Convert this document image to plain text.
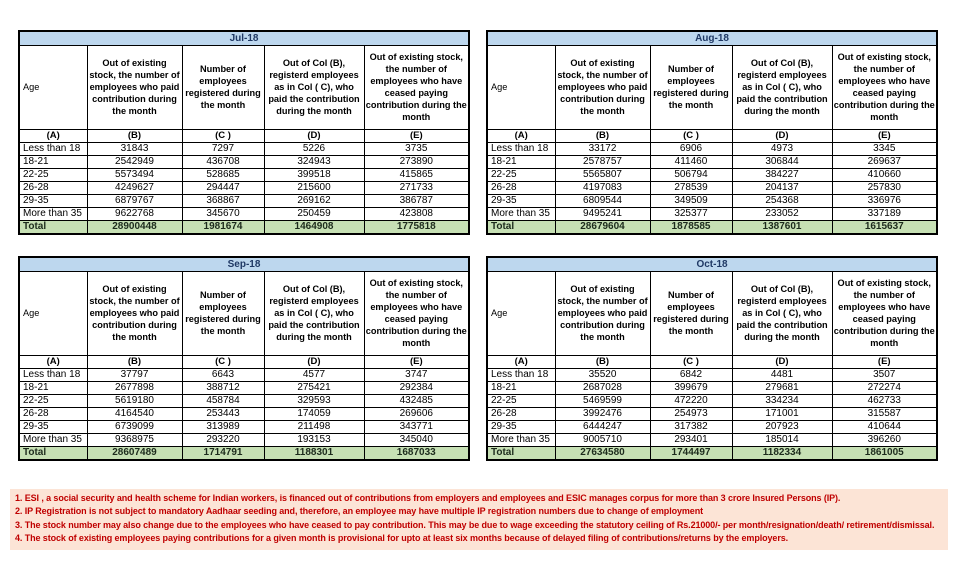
Jul-18				
Age	Out of existing stock, the number of employees who paid contribution during the month	Number of employees registered during the month	Out of Col (B), registerd employees as in Col ( C), who paid the contribution during the month	Out of existing stock, the number of employees who have ceased paying contribution during the month
(A)	(B)	(C )	(D)	(E)
Less than 18	31843	7297	5226	3735
18-21	2542949	436708	324943	273890
22-25	5573494	528685	399518	415865
26-28	4249627	294447	215600	271733
29-35	6879767	368867	269162	386787
More than 35	9622768	345670	250459	423808
Total	28900448	1981674	1464908	1775818
Aug-18				
Age	Out of existing stock, the number of employees who paid contribution during the month	Number of employees registered during the month	Out of Col (B), registerd employees as in Col ( C), who paid the contribution during the month	Out of existing stock, the number of employees who have ceased paying contribution during the month
(A)	(B)	(C )	(D)	(E)
Less than 18	33172	6906	4973	3345
18-21	2578757	411460	306844	269637
22-25	5565807	506794	384227	410660
26-28	4197083	278539	204137	257830
29-35	6809544	349509	254368	336976
More than 35	9495241	325377	233052	337189
Total	28679604	1878585	1387601	1615637
Sep-18				
Age	Out of existing stock, the number of employees who paid contribution during the month	Number of employees registered during the month	Out of Col (B), registerd employees as in Col ( C), who paid the contribution during the month	Out of existing stock, the number of employees who have ceased paying contribution during the month
(A)	(B)	(C )	(D)	(E)
Less than 18	37797	6643	4577	3747
18-21	2677898	388712	275421	292384
22-25	5619180	458784	329593	432485
26-28	4164540	253443	174059	269606
29-35	6739099	313989	211498	343771
More than 35	9368975	293220	193153	345040
Total	28607489	1714791	1188301	1687033
Oct-18				
Age	Out of existing stock, the number of employees who paid contribution during the month	Number of employees registered during the month	Out of Col (B), registerd employees as in Col ( C), who paid the contribution during the month	Out of existing stock, the number of employees who have ceased paying contribution during the month
(A)	(B)	(C )	(D)	(E)
Less than 18	35520	6842	4481	3507
18-21	2687028	399679	279681	272274
22-25	5469599	472220	334234	462733
26-28	3992476	254973	171001	315587
29-35	6444247	317382	207923	410644
More than 35	9005710	293401	185014	396260
Total	27634580	1744497	1182334	1861005
1. ESI , a social security and health scheme for Indian workers, is financed out of contributions from employers and employees and ESIC manages corpus for more than 3 crore Insured Persons (IP).
2. IP Registration is not subject to mandatory Aadhaar seeding and, therefore, an employee may have multiple IP registration numbers due to change of employment
3. The stock number may also change due to the employees who have ceased to pay contribution. This may be due to wage exceeding the statutory ceiling of Rs.21000/- per month/resignation/death/ retirement/dismissal.
4. The stock of existing employees paying contributions for a given month is provisional for upto at least six months because of delayed filing of contributions/returns by the employers.
